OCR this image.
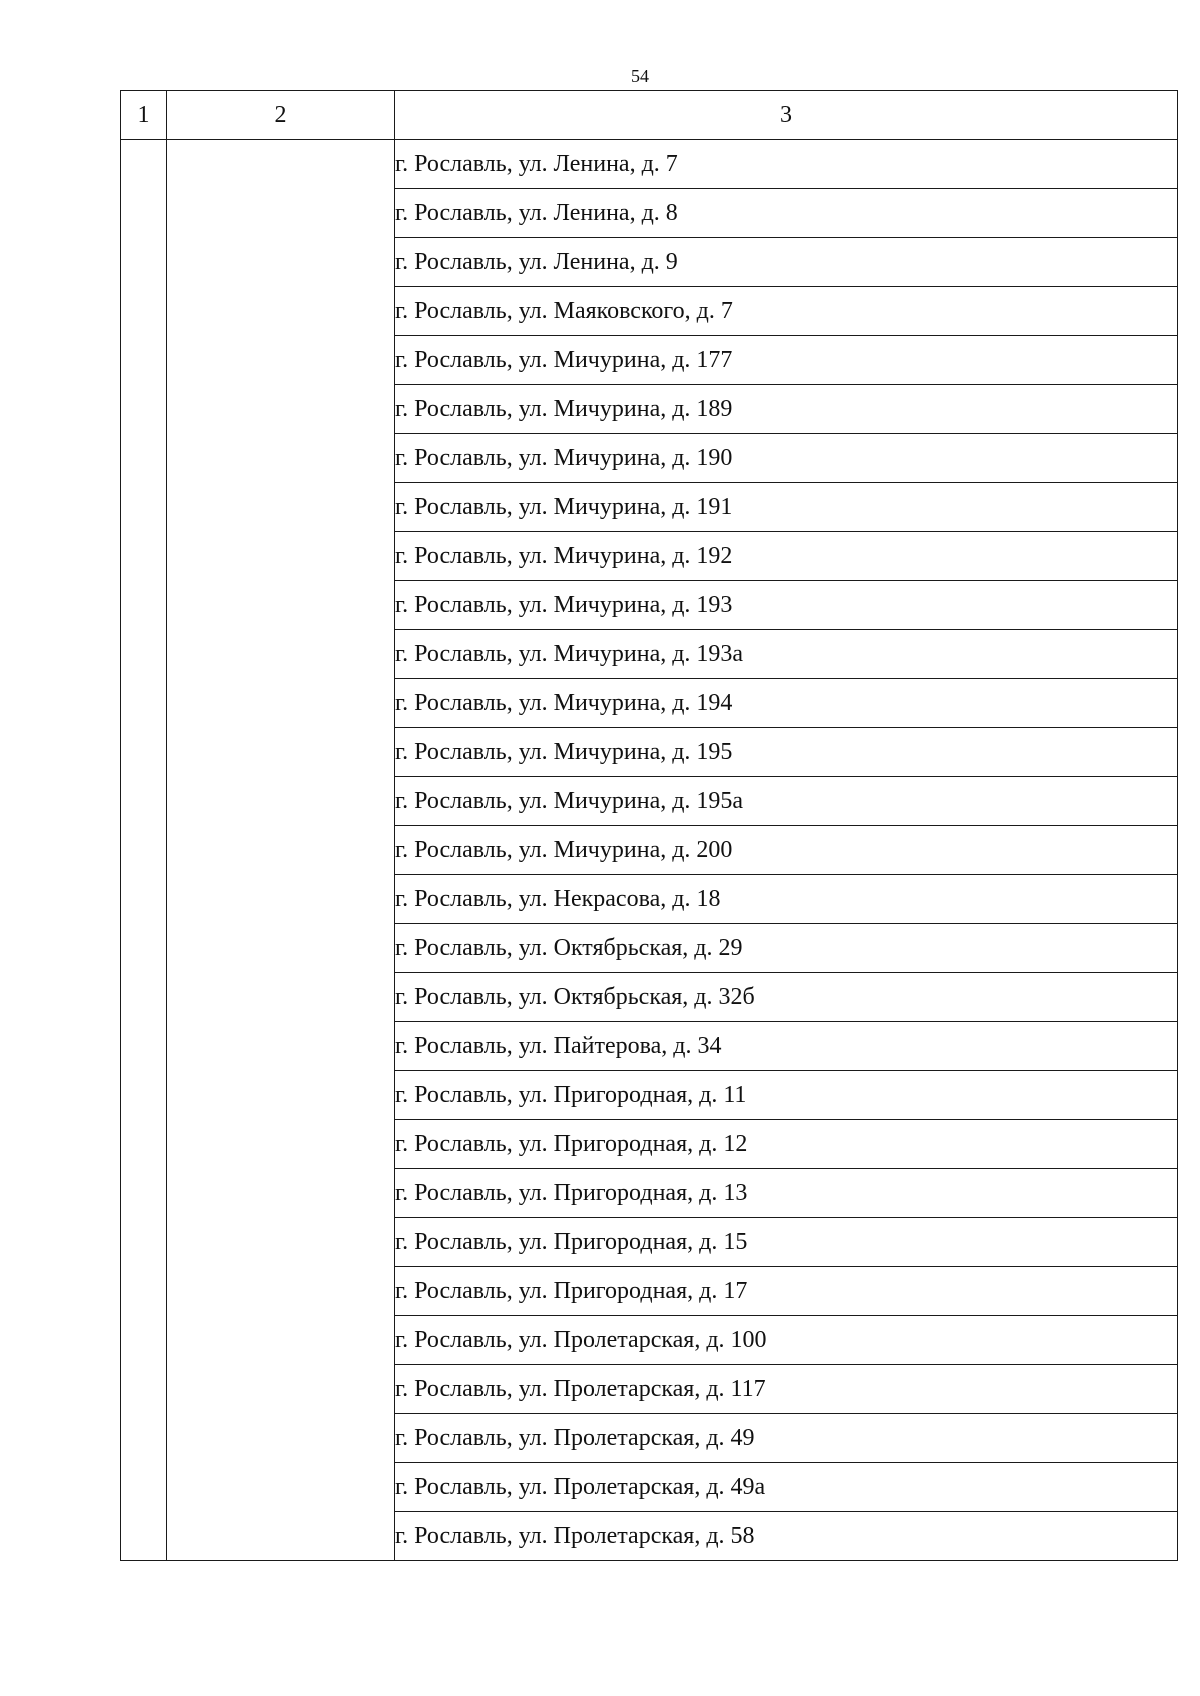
54
1	2	3
		г. Рославль, ул. Ленина, д. 7
		г. Рославль, ул. Ленина, д. 8
		г. Рославль, ул. Ленина, д. 9
		г. Рославль, ул. Маяковского, д. 7
		г. Рославль, ул. Мичурина, д. 177
		г. Рославль, ул. Мичурина, д. 189
		г. Рославль, ул. Мичурина, д. 190
		г. Рославль, ул. Мичурина, д. 191
		г. Рославль, ул. Мичурина, д. 192
		г. Рославль, ул. Мичурина, д. 193
		г. Рославль, ул. Мичурина, д. 193а
		г. Рославль, ул. Мичурина, д. 194
		г. Рославль, ул. Мичурина, д. 195
		г. Рославль, ул. Мичурина, д. 195а
		г. Рославль, ул. Мичурина, д. 200
		г. Рославль, ул. Некрасова, д. 18
		г. Рославль, ул. Октябрьская, д. 29
		г. Рославль, ул. Октябрьская, д. 32б
		г. Рославль, ул. Пайтерова, д. 34
		г. Рославль, ул. Пригородная, д. 11
		г. Рославль, ул. Пригородная, д. 12
		г. Рославль, ул. Пригородная, д. 13
		г. Рославль, ул. Пригородная, д. 15
		г. Рославль, ул. Пригородная, д. 17
		г. Рославль, ул. Пролетарская, д. 100
		г. Рославль, ул. Пролетарская, д. 117
		г. Рославль, ул. Пролетарская, д. 49
		г. Рославль, ул. Пролетарская, д. 49а
		г. Рославль, ул. Пролетарская, д. 58
